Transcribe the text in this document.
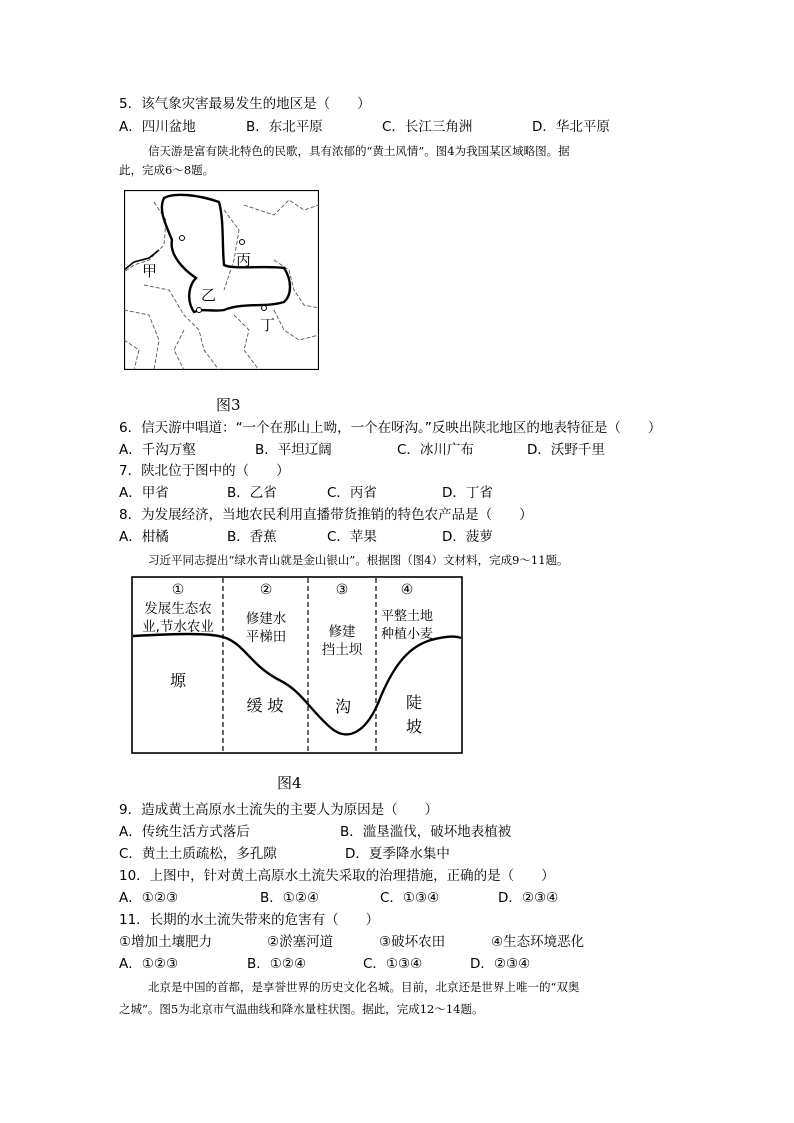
5．该气象灾害最易发生的地区是（　　）
A．四川盆地	B．东北平原	C．长江三角洲	D．华北平原
信天游是富有陕北特色的民歌，具有浓郁的“黄土风情”。图4为我国某区域略图。据
此，完成6～8题。
甲
乙
丙
丁
图3
6．信天游中唱道：“一个在那山上呦，一个在呀沟。”反映出陕北地区的地表特征是（　　）
A．千沟万壑	B．平坦辽阔	C．冰川广布	D．沃野千里
7．陕北位于图中的（　　）
A．甲省	B．乙省	C．丙省	D．丁省
8．为发展经济，当地农民利用直播带货推销的特色农产品是（　　）
A．柑橘	B．香蕉	C．苹果	D．菠萝
习近平同志提出“绿水青山就是金山银山”。根据图（图4）文材料，完成9～11题。
①	②	③	④
发展生态农
业,节水农业 修建水
平梯田	修建
挡土坝
平整土地
种植小麦
塬
缓 坡	沟	陡
坡
图4
9．造成黄土高原水土流失的主要人为原因是（　　）
A．传统生活方式落后	B．滥垦滥伐，破坏地表植被
C．黄土土质疏松，多孔隙	D．夏季降水集中
10．上图中，针对黄土高原水土流失采取的治理措施，正确的是（　　）
A．①②③	B．①②④	C．①③④	D．②③④
11．长期的水土流失带来的危害有（　　）
①增加土壤肥力	②淤塞河道	③破坏农田	④生态环境恶化
A．①②③	B．①②④	C．①③④	D．②③④
北京是中国的首都，是享誉世界的历史文化名城。目前，北京还是世界上唯一的“双奥
之城”。图5为北京市气温曲线和降水量柱状图。据此，完成12～14题。
